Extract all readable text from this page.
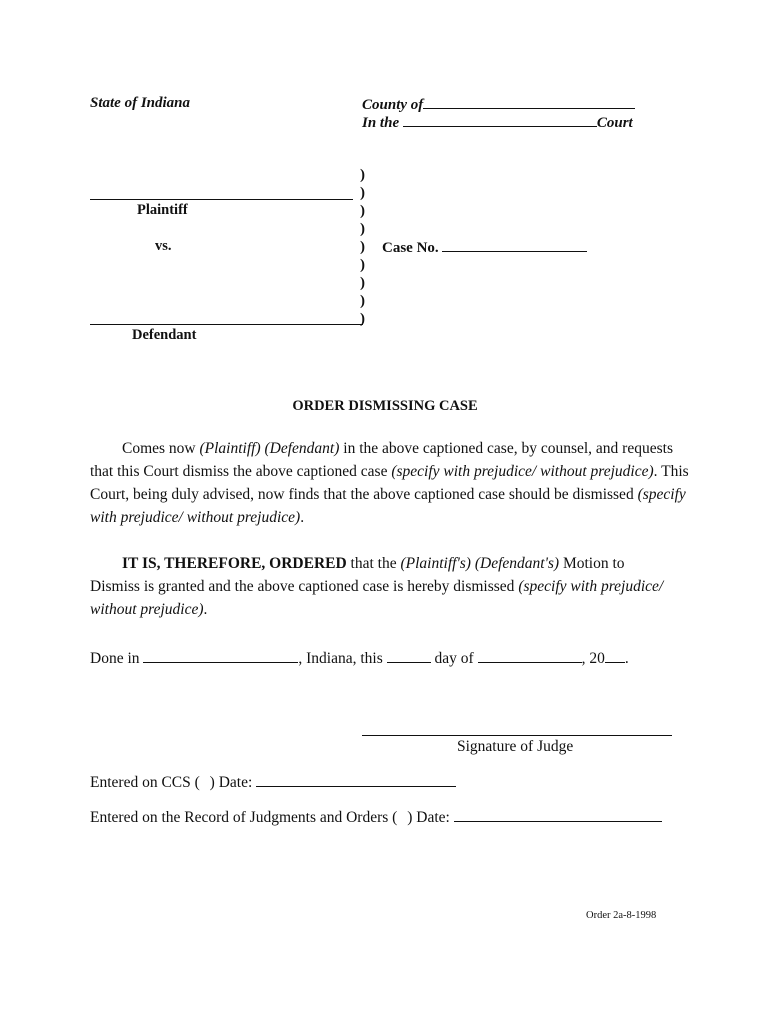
State of Indiana	County of
In the	Court
)
)
)
)
)
)
)
)
)
Plaintiff
vs.	Case No.
Defendant
ORDER DISMISSING CASE

Comes now (Plaintiff) (Defendant) in the above captioned case, by counsel, and requests that this Court dismiss the above captioned case (specify with prejudice/ without prejudice). This Court, being duly advised, now finds that the above captioned case should be dismissed (specify with prejudice/ without prejudice).

IT IS, THEREFORE, ORDERED that the (Plaintiff's) (Defendant's) Motion to Dismiss is granted and the above captioned case is hereby dismissed (specify with prejudice/ without prejudice).

Done in	, Indiana, this	day of	, 20 .
Signature of Judge
Entered on CCS ( ) Date:
Entered on the Record of Judgments and Orders ( ) Date:
Order 2a-8-1998
